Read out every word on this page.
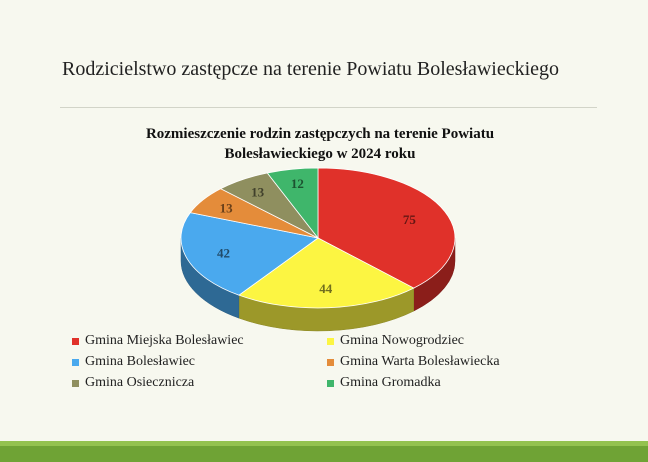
Rodzicielstwo zastępcze na terenie Powiatu Bolesławieckiego
Rozmieszczenie rodzin zastępczych na terenie Powiatu
Bolesławieckiego w 2024 roku
75
44
42
13
13
12
Gmina Miejska Bolesławiec	Gmina Nowogrodziec
Gmina Bolesławiec	Gmina Warta Bolesławiecka
Gmina Osiecznicza	Gmina Gromadka
